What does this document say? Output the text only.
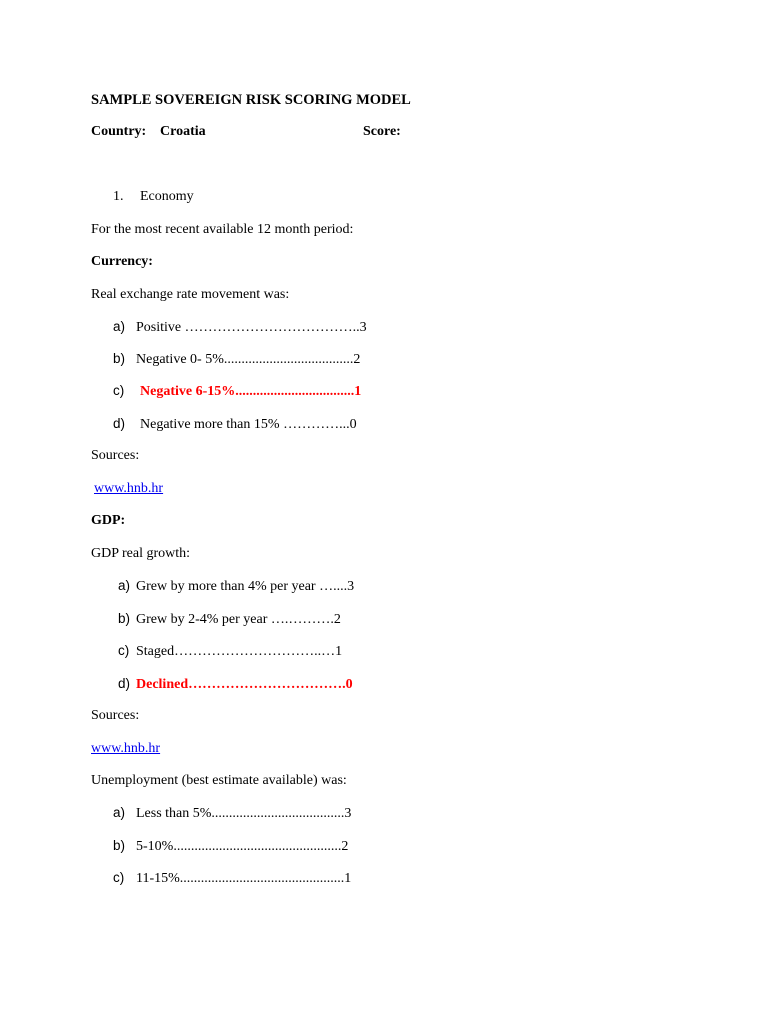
SAMPLE SOVEREIGN RISK SCORING MODEL
Country: Croatia	Score:
1. Economy
For the most recent available 12 month period:
Currency:
Real exchange rate movement was:
a) Positive ………………………………..3
b) Negative 0- 5%.....................................2
c) Negative 6-15%..................................1
d) Negative more than 15% …………...0
Sources:
www.hnb.hr
GDP:
GDP real growth:
a) Grew by more than 4% per year …....3
b) Grew by 2-4% per year ….……….2
c) Staged…………………………..…1
d) Declined…………………………….0
Sources:
www.hnb.hr
Unemployment (best estimate available) was:
a) Less than 5%......................................3
b) 5-10%................................................2
c) 11-15%...............................................1
